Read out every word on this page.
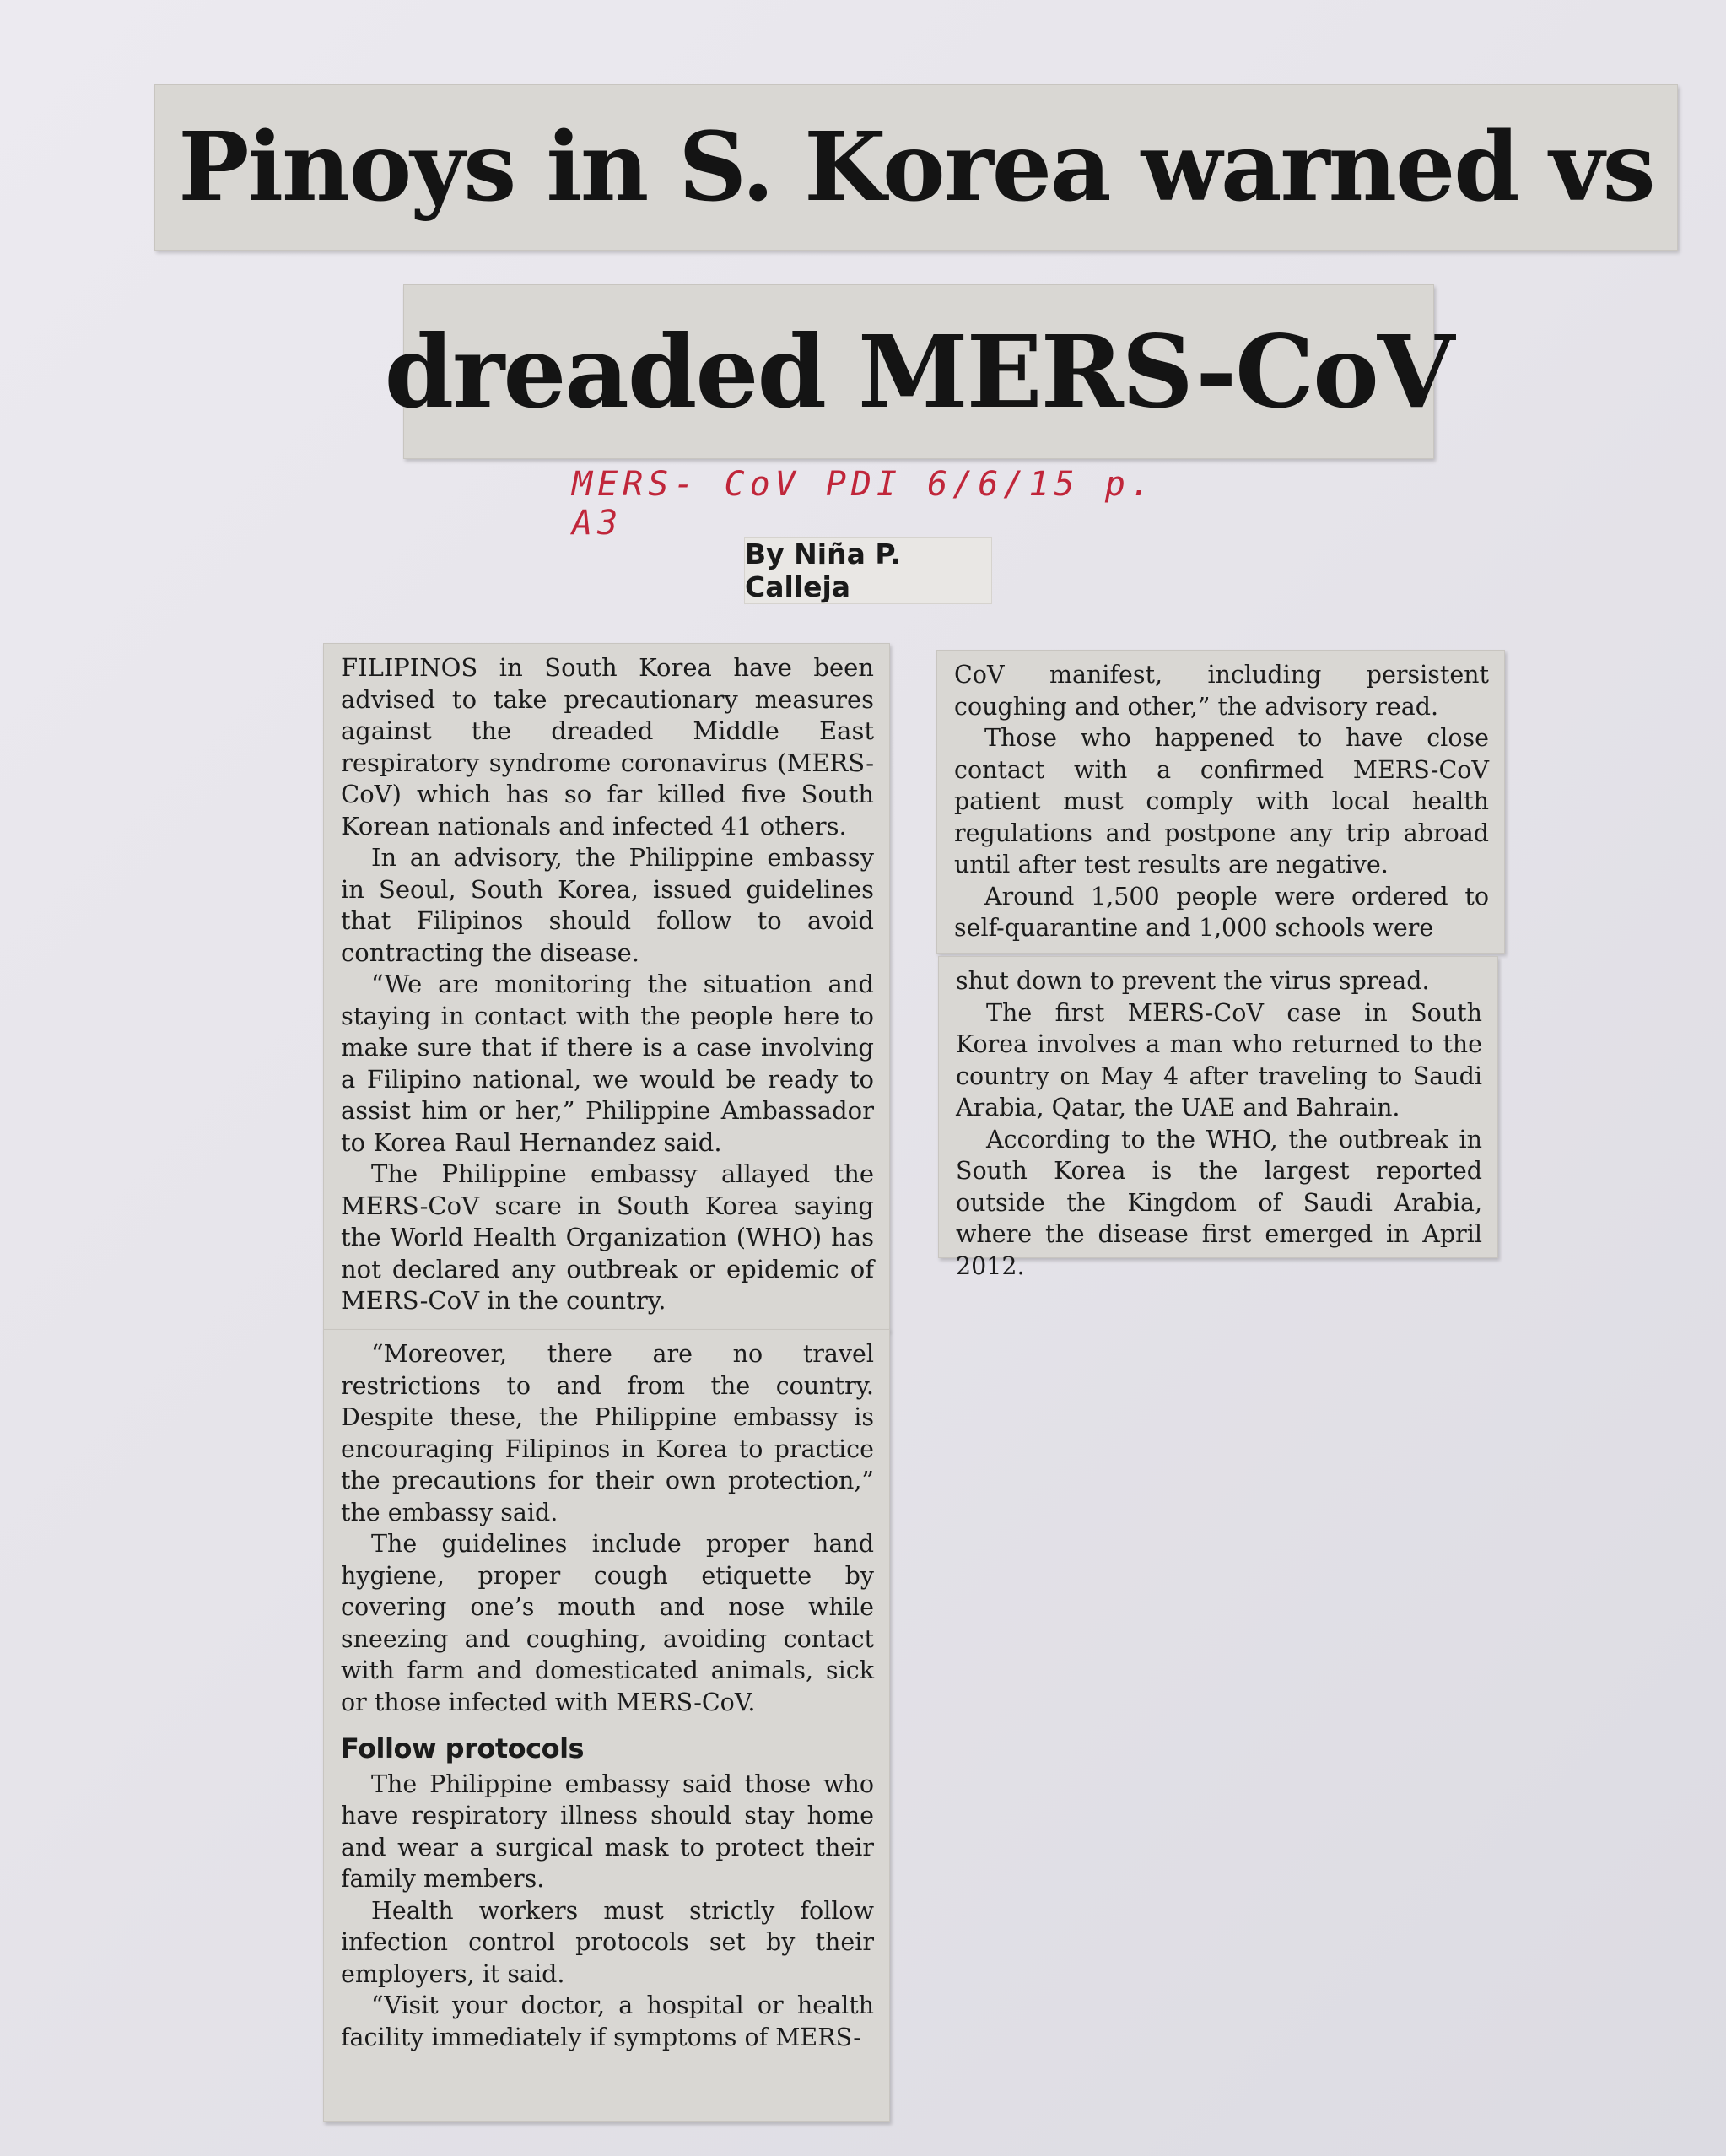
Pinoys in S. Korea warned vs
dreaded MERS-CoV
MERS- CoV PDI 6/6/15 p. A3
By Niña P. Calleja

FILIPINOS in South Korea have been advised to take precautionary measures against the dreaded Middle East respiratory syndrome coronavirus (MERS-CoV) which has so far killed five South Korean nationals and infected 41 others.

In an advisory, the Philippine embassy in Seoul, South Korea, issued guidelines that Filipinos should follow to avoid contracting the disease.

“We are monitoring the situation and staying in contact with the people here to make sure that if there is a case involving a Filipino national, we would be ready to assist him or her,” Philippine Ambassador to Korea Raul Hernandez said.

The Philippine embassy allayed the MERS-CoV scare in South Korea saying the World Health Organization (WHO) has not declared any outbreak or epidemic of MERS-CoV in the country.

“Moreover, there are no travel restrictions to and from the country. Despite these, the Philippine embassy is encouraging Filipinos in Korea to practice the precautions for their own protection,” the embassy said.

The guidelines include proper hand hygiene, proper cough etiquette by covering one’s mouth and nose while sneezing and coughing, avoiding contact with farm and domesticated animals, sick or those infected with MERS-CoV.

Follow protocols

The Philippine embassy said those who have respiratory illness should stay home and wear a surgical mask to protect their family members.

Health workers must strictly follow infection control protocols set by their employers, it said.

“Visit your doctor, a hospital or health facility immediately if symptoms of MERS-

CoV manifest, including persistent coughing and other,” the advisory read.

Those who happened to have close contact with a confirmed MERS-CoV patient must comply with local health regulations and postpone any trip abroad until after test results are negative.

Around 1,500 people were ordered to self-quarantine and 1,000 schools were

shut down to prevent the virus spread.

The first MERS-CoV case in South Korea involves a man who returned to the country on May 4 after traveling to Saudi Arabia, Qatar, the UAE and Bahrain.

According to the WHO, the outbreak in South Korea is the largest reported outside the Kingdom of Saudi Arabia, where the disease first emerged in April 2012.
